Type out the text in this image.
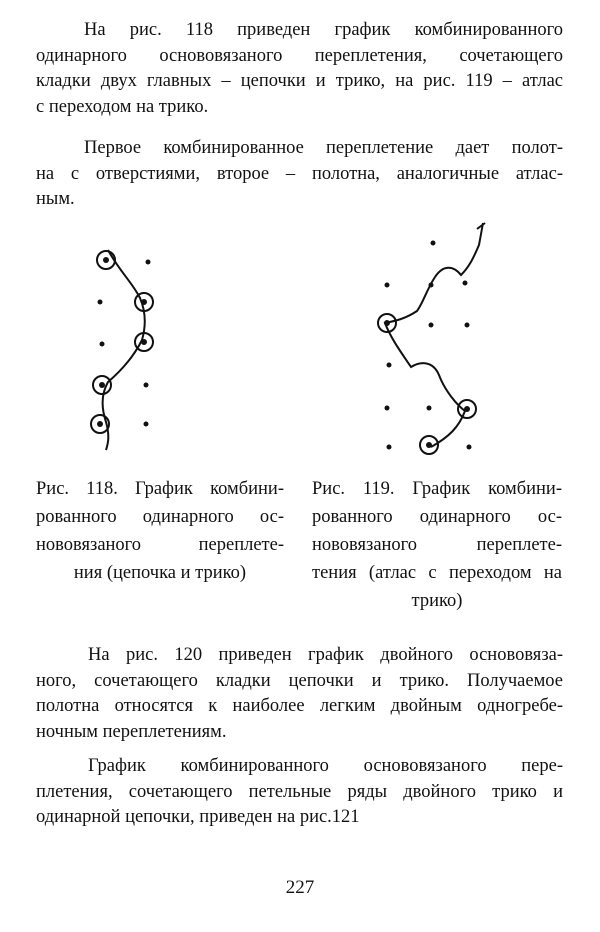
На рис. 118 приведен график комбинированного
одинарного основовязаного переплетения, сочетающего
кладки двух главных – цепочки и трико, на рис. 119 – атлас
с переходом на трико.

Первое комбинированное переплетение дает полот-
на с отверстиями, второе – полотна, аналогичные атлас-
ным.

Рис. 118. График комбини-
рованного одинарного ос-
нововязаного переплете-
ния (цепочка и трико)

Рис. 119. График комбини-
рованного одинарного ос-
нововязаного переплете-
тения (атлас с переходом на
трико)

На рис. 120 приведен график двойного основовяза-
ного, сочетающего кладки цепочки и трико. Получаемое
полотна относятся к наиболее легким двойным одногребе-
ночным переплетениям.

График комбинированного основовязаного пере-
плетения, сочетающего петельные ряды двойного трико и
одинарной цепочки, приведен на рис.121

227
